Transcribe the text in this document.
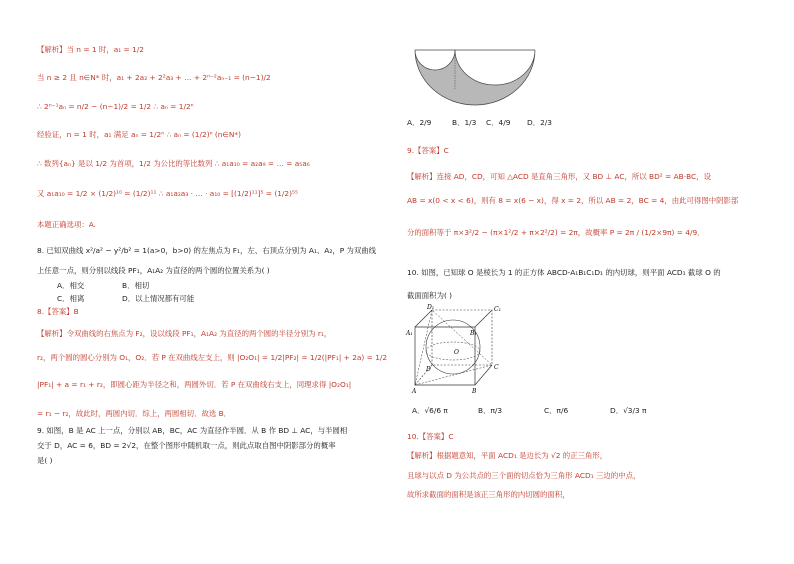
【解析】当 n = 1 时，a₁ = 1/2
当 n ≥ 2 且 n∈N* 时，a₁ + 2a₂ + 2²a₃ + … + 2ⁿ⁻²aₙ₋₁ = (n−1)/2
∴ 2ⁿ⁻¹aₙ = n/2 − (n−1)/2 = 1/2 ∴ aₙ = 1/2ⁿ
经验证，n = 1 时，a₁ 满足 aₙ = 1/2ⁿ ∴ aₙ = (1/2)ⁿ (n∈N*)
∴ 数列{aₙ} 是以 1/2 为首项，1/2 为公比的等比数列 ∴ a₁a₁₀ = a₂a₉ = … = a₅a₆
又 a₁a₁₀ = 1/2 × (1/2)¹⁰ = (1/2)¹¹ ∴ a₁a₂a₃ · … · a₁₀ = [(1/2)¹¹]⁵ = (1/2)⁵⁵
本题正确选项：A.
8. 已知双曲线 x²/a² − y²/b² = 1(a>0，b>0) 的左焦点为 F₁，左、右顶点分别为 A₁、A₂，P 为双曲线
上任意一点，则分别以线段 PF₁，A₁A₂ 为直径的两个圆的位置关系为( )
A．相交	B．相切
C．相离	D．以上情况都有可能
8.【答案】B
【解析】令双曲线的右焦点为 F₂，设以线段 PF₁，A₁A₂ 为直径的两个圆的半径分别为 r₁，
r₂，两个圆的圆心分别为 O₁，O₂．若 P 在双曲线左支上，则 |O₂O₁| = 1/2|PF₂| = 1/2(|PF₁| + 2a) = 1/2
|PF₁| + a = r₁ + r₂，即圆心距为半径之和，两圆外切．若 P 在双曲线右支上，同理求得 |O₂O₁|
= r₁ − r₂，故此时，两圆内切．综上，两圆相切．故选 B．
9. 如图，B 是 AC 上一点，分别以 AB，BC，AC 为直径作半圆．从 B 作 BD ⊥ AC，与半圆相
交于 D，AC = 6，BD = 2√2，在整个图形中随机取一点，则此点取自图中阴影部分的概率
是( )
A．2/9	B．1/3 C．4/9 D．2/3
9.【答案】C
【解析】连接 AD，CD，可知 △ACD 是直角三角形，又 BD ⊥ AC，所以 BD² = AB·BC，设
AB = x(0 < x < 6)，则有 8 = x(6 − x)，得 x = 2，所以 AB = 2，BC = 4，由此可得图中阴影部
分的面积等于 π×3²/2 − (π×1²/2 + π×2²/2) = 2π，故概率 P = 2π / (1/2×9π) = 4/9．
10. 如图，已知球 O 是棱长为 1 的正方体 ABCD-A₁B₁C₁D₁ 的内切球，则平面 ACD₁ 截球 O 的
截面面积为( )
D₁	C₁
A₁	B₁
D	C
A	B
O
A．√6/6 π	B．π/3	C．π/6	D．√3/3 π
10.【答案】C
【解析】根据题意知，平面 ACD₁ 是边长为 √2 的正三角形，
且球与以点 D 为公共点的三个面的切点恰为三角形 ACD₁ 三边的中点，
故所求截面的面积是该正三角形的内切圆的面积，
